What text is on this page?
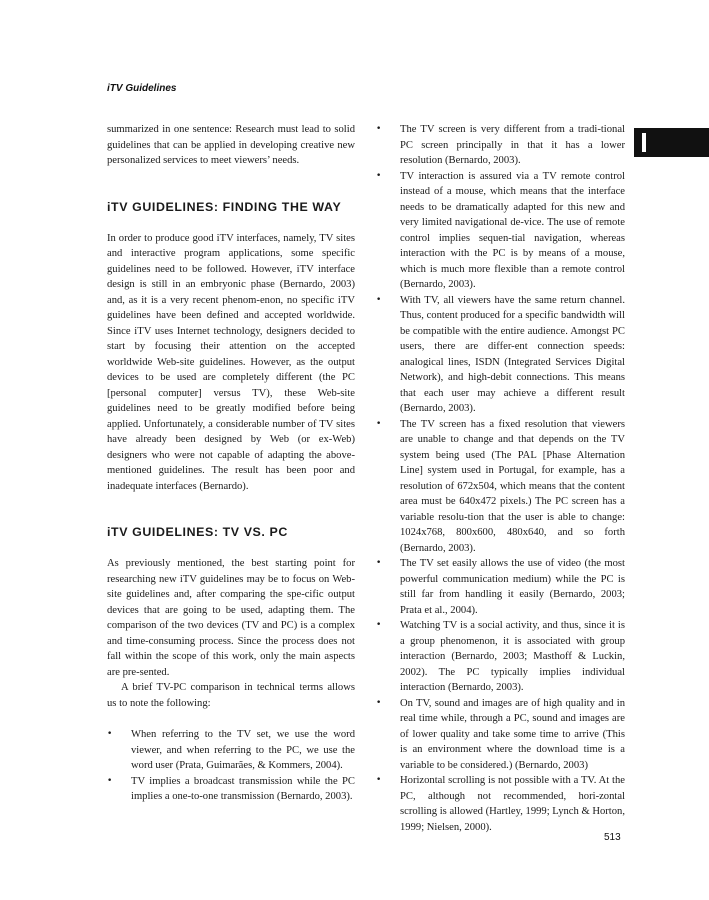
iTV Guidelines

summarized in one sentence: Research must lead to solid guidelines that can be applied in developing creative new personalized services to meet viewers’ needs.

iTV GUIDELINES: FINDING THE WAY

In order to produce good iTV interfaces, namely, TV sites and interactive program applications, some specific guidelines need to be followed. However, iTV interface design is still in an embryonic phase (Bernardo, 2003) and, as it is a very recent phenom-enon, no specific iTV guidelines have been defined and accepted worldwide. Since iTV uses Internet technology, designers decided to start by focusing their attention on the accepted worldwide Web-site guidelines. However, as the output devices to be used are completely different (the PC [personal computer] versus TV), these Web-site guidelines need to be greatly modified before being applied. Unfortunately, a considerable number of TV sites have already been designed by Web (or ex-Web) designers who were not capable of adapting the above-mentioned guidelines. The result has been poor and inadequate interfaces (Bernardo).

iTV GUIDELINES: TV VS. PC

As previously mentioned, the best starting point for researching new iTV guidelines may be to focus on Web-site guidelines and, after comparing the spe-cific output devices that are going to be used, adapting them. The comparison of the two devices (TV and PC) is a complex and time-consuming process. Since the process does not fall within the scope of this work, only the main aspects are pre-sented.

A brief TV-PC comparison in technical terms allows us to note the following:

• When referring to the TV set, we use the word viewer, and when referring to the PC, we use the word user (Prata, Guimarães, & Kommers, 2004).
• TV implies a broadcast transmission while the PC implies a one-to-one transmission (Bernardo, 2003).
• The TV screen is very different from a tradi-tional PC screen principally in that it has a lower resolution (Bernardo, 2003).
• TV interaction is assured via a TV remote control instead of a mouse, which means that the interface needs to be dramatically adapted for this new and very limited navigational de-vice. The use of remote control implies sequen-tial navigation, whereas interaction with the PC is by means of a mouse, which is much more flexible than a remote control (Bernardo, 2003).
• With TV, all viewers have the same return channel. Thus, content produced for a specific bandwidth will be compatible with the entire audience. Amongst PC users, there are differ-ent connection speeds: analogical lines, ISDN (Integrated Services Digital Network), and high-debit connections. This means that each user may achieve a different result (Bernardo, 2003).
• The TV screen has a fixed resolution that viewers are unable to change and that depends on the TV system being used (The PAL [Phase Alternation Line] system used in Portugal, for example, has a resolution of 672x504, which means that the content area must be 640x472 pixels.) The PC screen has a variable resolu-tion that the user is able to change: 1024x768, 800x600, 480x640, and so forth (Bernardo, 2003).
• The TV set easily allows the use of video (the most powerful communication medium) while the PC is still far from handling it easily (Bernardo, 2003; Prata et al., 2004).
• Watching TV is a social activity, and thus, since it is a group phenomenon, it is associated with group interaction (Bernardo, 2003; Masthoff & Luckin, 2002). The PC typically implies individual interaction (Bernardo, 2003).
• On TV, sound and images are of high quality and in real time while, through a PC, sound and images are of lower quality and take some time to arrive (This is an environment where the download time is a variable to be considered.) (Bernardo, 2003)
• Horizontal scrolling is not possible with a TV. At the PC, although not recommended, hori-zontal scrolling is allowed (Hartley, 1999; Lynch & Horton, 1999; Nielsen, 2000).
513
